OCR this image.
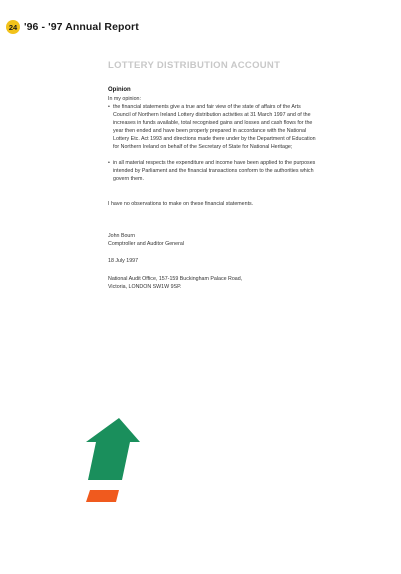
24 '96 - '97 Annual Report
LOTTERY DISTRIBUTION ACCOUNT

Opinion

In my opinion:

• the financial statements give a true and fair view of the state of affairs of the Arts Council of Northern Ireland Lottery distribution activities at 31 March 1997 and of the increases in funds available, total recognised gains and losses and cash flows for the year then ended and have been properly prepared in accordance with the National Lottery Etc. Act 1993 and directions made there under by the Department of Education for Northern Ireland on behalf of the Secretary of State for National Heritage;
• in all material respects the expenditure and income have been applied to the purposes intended by Parliament and the financial transactions conform to the authorities which govern them.

I have no observations to make on these financial statements.

John Bourn

Comptroller and Auditor General

18 July 1997

National Audit Office, 157-159 Buckingham Palace Road,

Victoria, LONDON SW1W 9SP.
